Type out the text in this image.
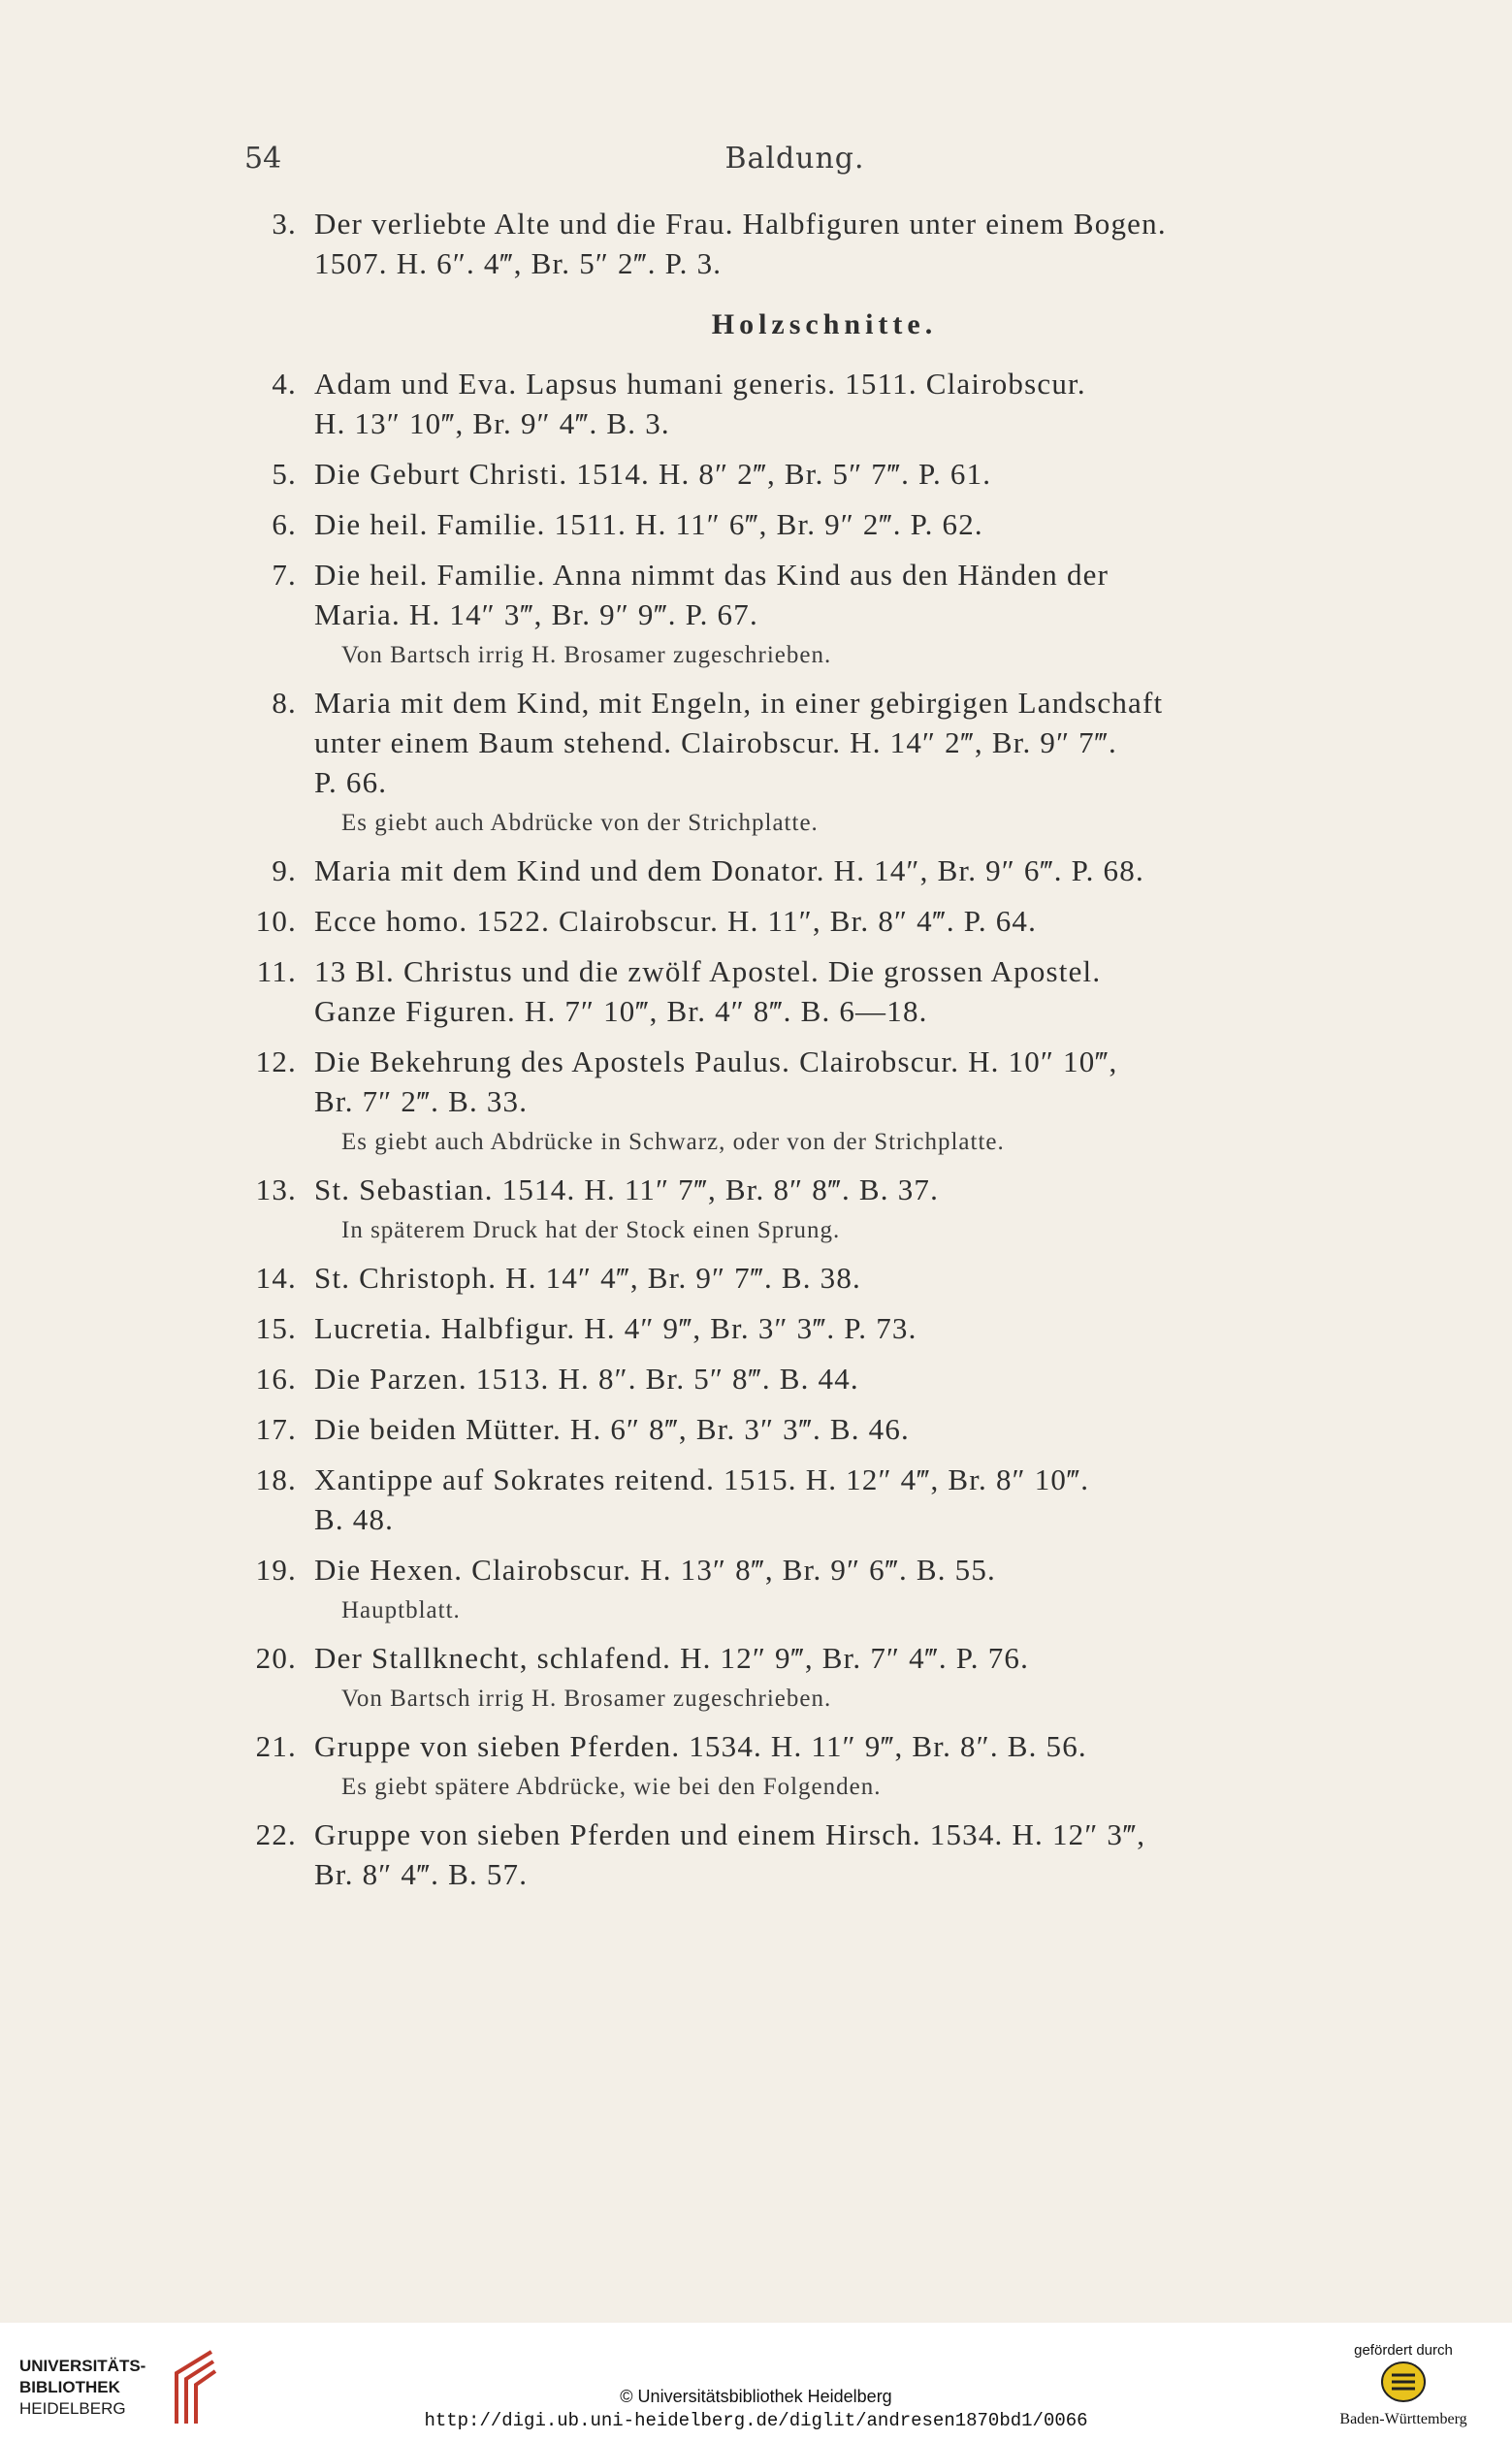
54	Baldung.
3. Der verliebte Alte und die Frau. Halbfiguren unter einem Bogen.
1507. H. 6″. 4‴, Br. 5″ 2‴. P. 3.
Holzschnitte.
4. Adam und Eva. Lapsus humani generis. 1511. Clairobscur.
H. 13″ 10‴, Br. 9″ 4‴. B. 3.
5. Die Geburt Christi. 1514. H. 8″ 2‴, Br. 5″ 7‴. P. 61.
6. Die heil. Familie. 1511. H. 11″ 6‴, Br. 9″ 2‴. P. 62.
7. Die heil. Familie. Anna nimmt das Kind aus den Händen der
Maria. H. 14″ 3‴, Br. 9″ 9‴. P. 67.
Von Bartsch irrig H. Brosamer zugeschrieben.
8. Maria mit dem Kind, mit Engeln, in einer gebirgigen Landschaft
unter einem Baum stehend. Clairobscur. H. 14″ 2‴, Br. 9″ 7‴.
P. 66.
Es giebt auch Abdrücke von der Strichplatte.
9. Maria mit dem Kind und dem Donator. H. 14″, Br. 9″ 6‴. P. 68.
10. Ecce homo. 1522. Clairobscur. H. 11″, Br. 8″ 4‴. P. 64.
11. 13 Bl. Christus und die zwölf Apostel. Die grossen Apostel.
Ganze Figuren. H. 7″ 10‴, Br. 4″ 8‴. B. 6—18.
12. Die Bekehrung des Apostels Paulus. Clairobscur. H. 10″ 10‴,
Br. 7″ 2‴. B. 33.
Es giebt auch Abdrücke in Schwarz, oder von der Strichplatte.
13. St. Sebastian. 1514. H. 11″ 7‴, Br. 8″ 8‴. B. 37.
In späterem Druck hat der Stock einen Sprung.
14. St. Christoph. H. 14″ 4‴, Br. 9″ 7‴. B. 38.
15. Lucretia. Halbfigur. H. 4″ 9‴, Br. 3″ 3‴. P. 73.
16. Die Parzen. 1513. H. 8″. Br. 5″ 8‴. B. 44.
17. Die beiden Mütter. H. 6″ 8‴, Br. 3″ 3‴. B. 46.
18. Xantippe auf Sokrates reitend. 1515. H. 12″ 4‴, Br. 8″ 10‴.
B. 48.
19. Die Hexen. Clairobscur. H. 13″ 8‴, Br. 9″ 6‴. B. 55.
Hauptblatt.
20. Der Stallknecht, schlafend. H. 12″ 9‴, Br. 7″ 4‴. P. 76.
Von Bartsch irrig H. Brosamer zugeschrieben.
21. Gruppe von sieben Pferden. 1534. H. 11″ 9‴, Br. 8″. B. 56.
Es giebt spätere Abdrücke, wie bei den Folgenden.
22. Gruppe von sieben Pferden und einem Hirsch. 1534. H. 12″ 3‴,
Br. 8″ 4‴. B. 57.
UNIVERSITÄTS-
BIBLIOTHEK
HEIDELBERG
© Universitätsbibliothek Heidelberg
http://digi.ub.uni-heidelberg.de/diglit/andresen1870bd1/0066
gefördert durch
Baden-Württemberg
